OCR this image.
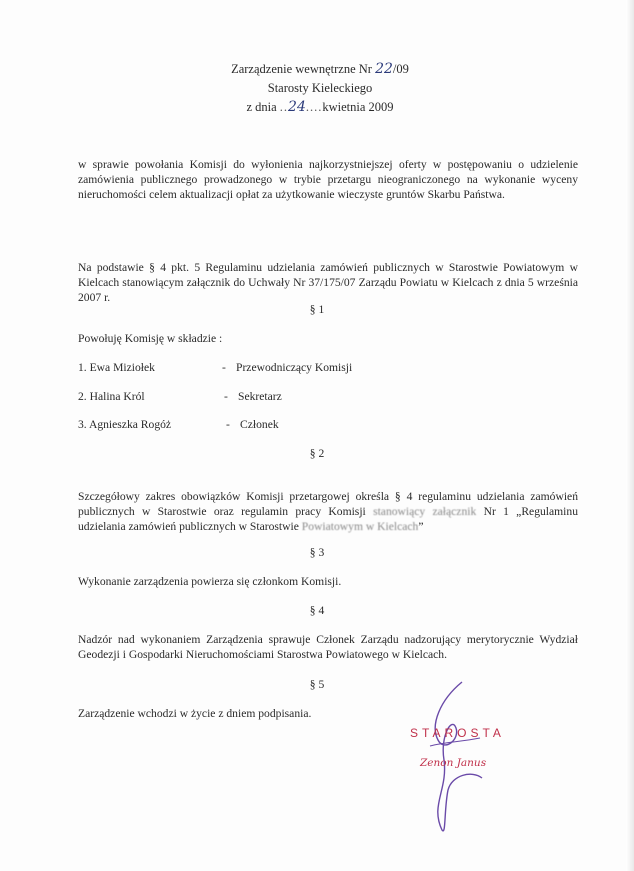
Zarządzenie wewnętrzne Nr 22/09
Starosty Kieleckiego
z dnia ..24....kwietnia 2009
w sprawie powołania Komisji do wyłonienia najkorzystniejszej oferty w postępowaniu o udzielenie zamówienia publicznego prowadzonego w trybie przetargu nieograniczonego na wykonanie wyceny nieruchomości celem aktualizacji opłat za użytkowanie wieczyste gruntów Skarbu Państwa.
Na podstawie § 4 pkt. 5 Regulaminu udzielania zamówień publicznych w Starostwie Powiatowym w Kielcach stanowiącym załącznik do Uchwały Nr 37/175/07 Zarządu Powiatu w Kielcach z dnia 5 września 2007 r.
§ 1
Powołuję Komisję w składzie :
1. Ewa Miziołek	- Przewodniczący Komisji
2. Halina Król	- Sekretarz
3. Agnieszka Rogóż	- Członek
§ 2
Szczegółowy zakres obowiązków Komisji przetargowej określa § 4 regulaminu udzielania zamówień publicznych w Starostwie oraz regulamin pracy Komisji stanowiący załącznik Nr 1 „Regulaminu udzielania zamówień publicznych w Starostwie Powiatowym w Kielcach”
§ 3
Wykonanie zarządzenia powierza się członkom Komisji.
§ 4
Nadzór nad wykonaniem Zarządzenia sprawuje Członek Zarządu nadzorujący merytorycznie Wydział Geodezji i Gospodarki Nieruchomościami Starostwa Powiatowego w Kielcach.
§ 5
Zarządzenie wchodzi w życie z dniem podpisania.
STAROSTA
Zenon Janus
